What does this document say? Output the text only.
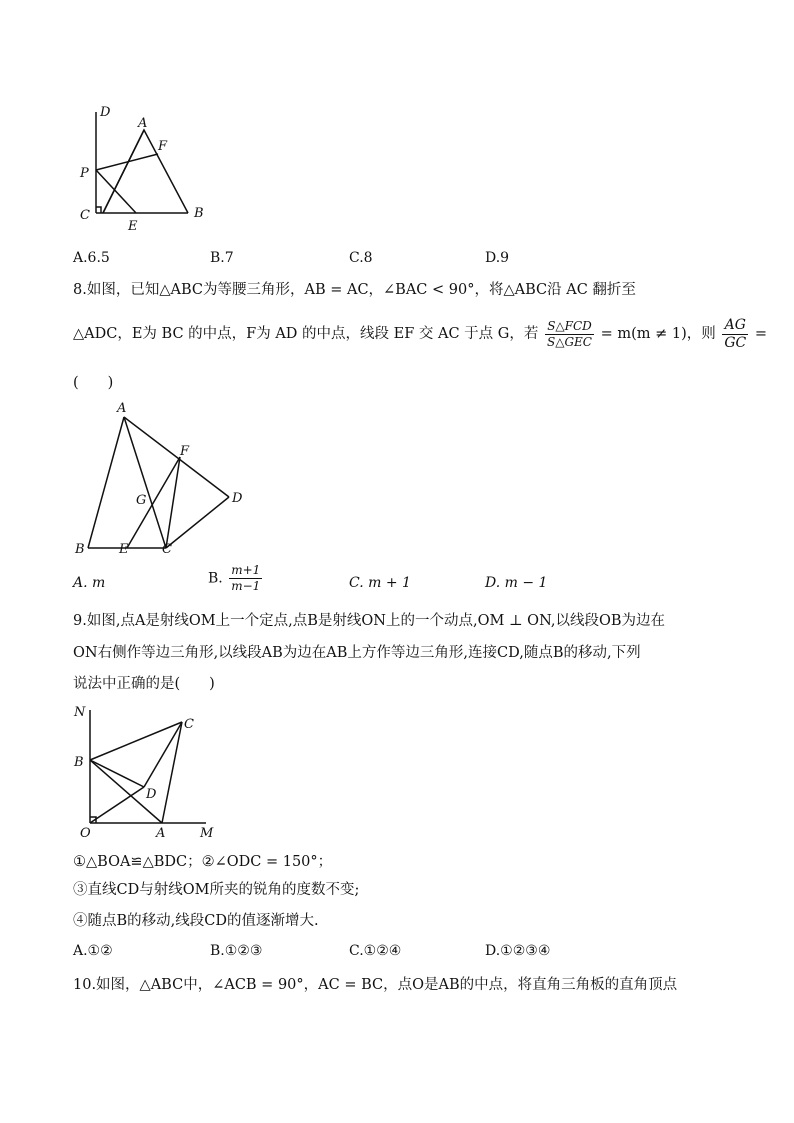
D
A
F
P
C
E
B
A.6.5	B.7	C.8	D.9
8.如图，已知△ABC为等腰三角形，AB = AC，∠BAC < 90°，将△ABC沿 AC 翻折至
△ADC，E为 BC 的中点，F为 AD 的中点，线段 EF 交 AC 于点 G，若 $\frac{\text{S△FCD}}{\text{S△GEC}} = m(m \ne 1)$，则 $\frac{AG}{GC}$ =
(　　)
A
F
G	D
B	E	C
A. m	B. $\frac{m+1}{m-1}$	C. m + 1	D. m − 1
9.如图,点A是射线OM上一个定点,点B是射线ON上的一个动点,OM ⊥ ON,以线段OB为边在
ON右侧作等边三角形,以线段AB为边在AB上方作等边三角形,连接CD,随点B的移动,下列
说法中正确的是(　　)
N
C
B
D
O	A	M
①△BOA≌△BDC；②∠ODC = 150°；
③直线CD与射线OM所夹的锐角的度数不变;
④随点B的移动,线段CD的值逐渐增大.
A.①②	B.①②③	C.①②④	D.①②③④
10.如图，△ABC中，∠ACB = 90°，AC = BC，点O是AB的中点，将直角三角板的直角顶点
